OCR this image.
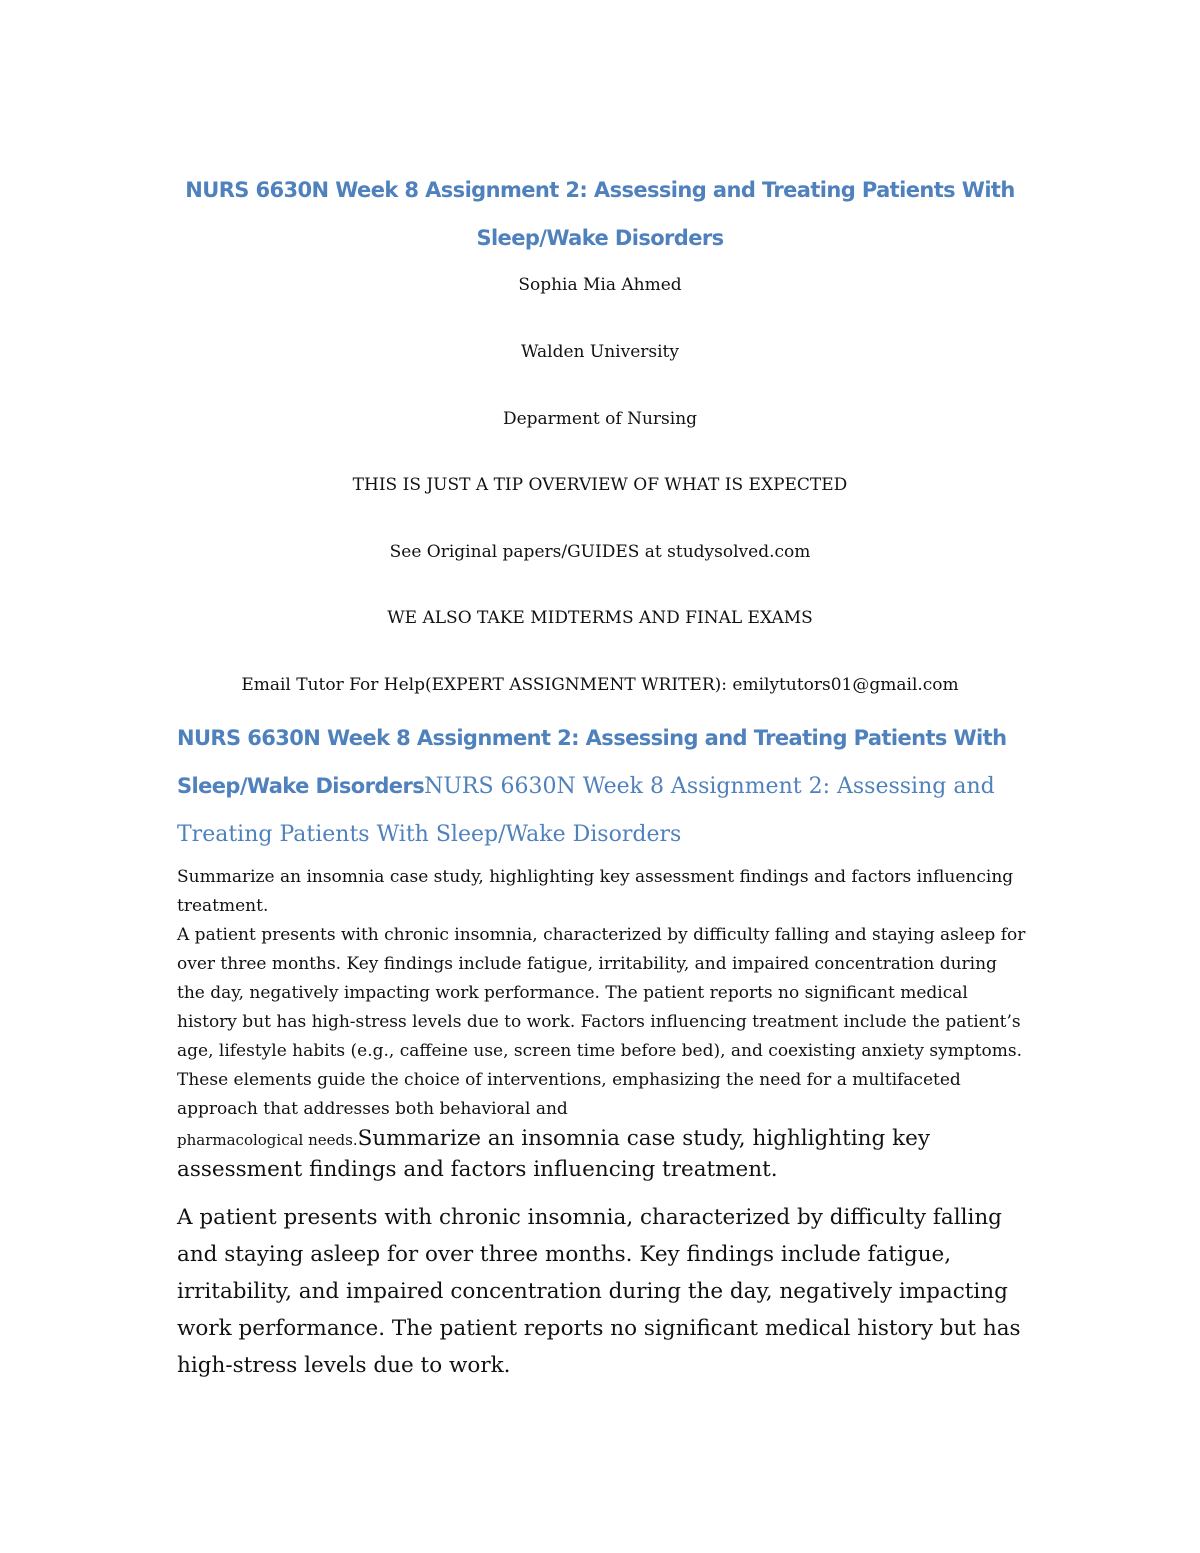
NURS 6630N Week 8 Assignment 2: Assessing and Treating Patients With
Sleep/Wake Disorders
Sophia Mia Ahmed
Walden University
Deparment of Nursing
THIS IS JUST A TIP OVERVIEW OF WHAT IS EXPECTED
See Original papers/GUIDES at studysolved.com
WE ALSO TAKE MIDTERMS AND FINAL EXAMS
Email Tutor For Help(EXPERT ASSIGNMENT WRITER): emilytutors01@gmail.com
NURS 6630N Week 8 Assignment 2: Assessing and Treating Patients With
Sleep/Wake DisordersNURS 6630N Week 8 Assignment 2: Assessing and Treating Patients With Sleep/Wake Disorders

Summarize an insomnia case study, highlighting key assessment findings and factors influencing treatment.

A patient presents with chronic insomnia, characterized by difficulty falling and staying asleep for over three months. Key findings include fatigue, irritability, and impaired concentration during the day, negatively impacting work performance. The patient reports no significant medical history but has high-stress levels due to work. Factors influencing treatment include the patient’s age, lifestyle habits (e.g., caffeine use, screen time before bed), and coexisting anxiety symptoms. These elements guide the choice of interventions, emphasizing the need for a multifaceted approach that addresses both behavioral and
pharmacological needs.Summarize an insomnia case study, highlighting key assessment findings and factors influencing treatment.

A patient presents with chronic insomnia, characterized by difficulty falling and staying asleep for over three months. Key findings include fatigue, irritability, and impaired concentration during the day, negatively impacting work performance. The patient reports no significant medical history but has high-stress levels due to work.
